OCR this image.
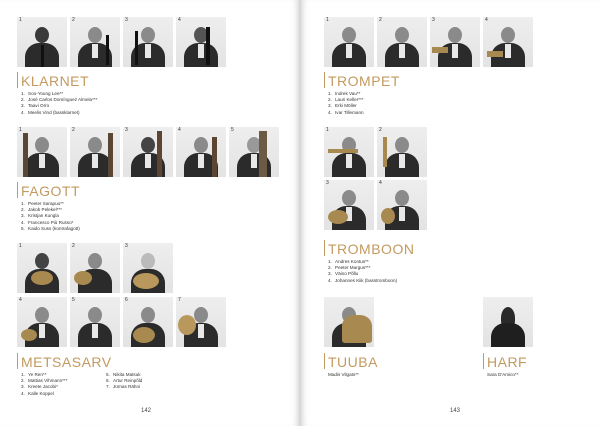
1	2	3	4
KLARNET
1. Soo-Young Lee**
2. José Carlos Domínguez Almela***
3. Taavi Orro
4. Meelis Vind (bassklarnet)
1	2	3	4	5
FAGOTT
1. Peeter Sarapuu**
2. Jakob Pelekel***
3. Kristjan Kungla
4. Francesco Più Russo*
5. Kaido Suss (kontrafagott)
1	2	3
4	5	6	7
METSASARV
1. Ye Ren**
2. Mattias Vihmann***
3. Kreete Jacobi*
4. Kalle Koppel
5. Nikita Matsuk
6. Artur Reinpõld
7. Jürnas Rähni
142
1	2	3	4
TROMPET
1. Indrek Vau**
2. Lauri Keller***
3. Erki Möller
4. Ivar Tillemann
1	2
3	4
TROMBOON
1. Andres Kontus**
2. Peeter Margus***
3. Väino Põllu
4. Johannes Kiik (basstromboon)
TUUBA
Madis Vilgats**
HARF
Sara D'Amico**
143
